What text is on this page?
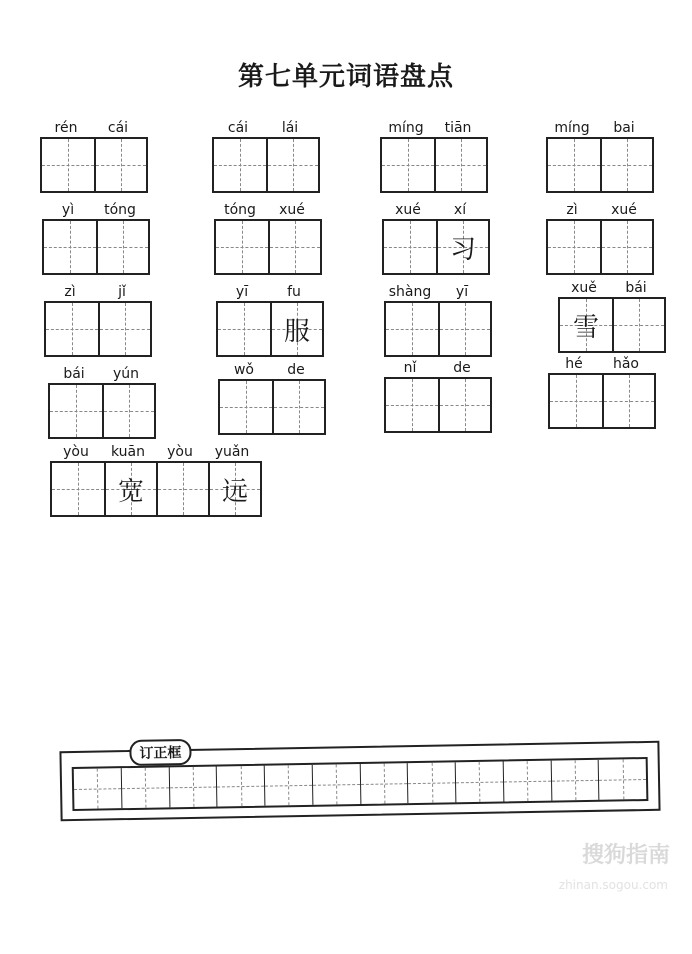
第七单元词语盘点
rén	cái	cái	lái	míng	tiān	míng	bai
yì	tóng	tóng	xué	xué	xí
习
zì	xué
zì	jǐ	yī	fu
服
shàng	yī	xuě	bái
雪
bái	yún	wǒ	de	nǐ	de	hé	hǎo
yòu	kuān	yòu	yuǎn
宽	远
订正框
搜狗指南
zhinan.sogou.com
